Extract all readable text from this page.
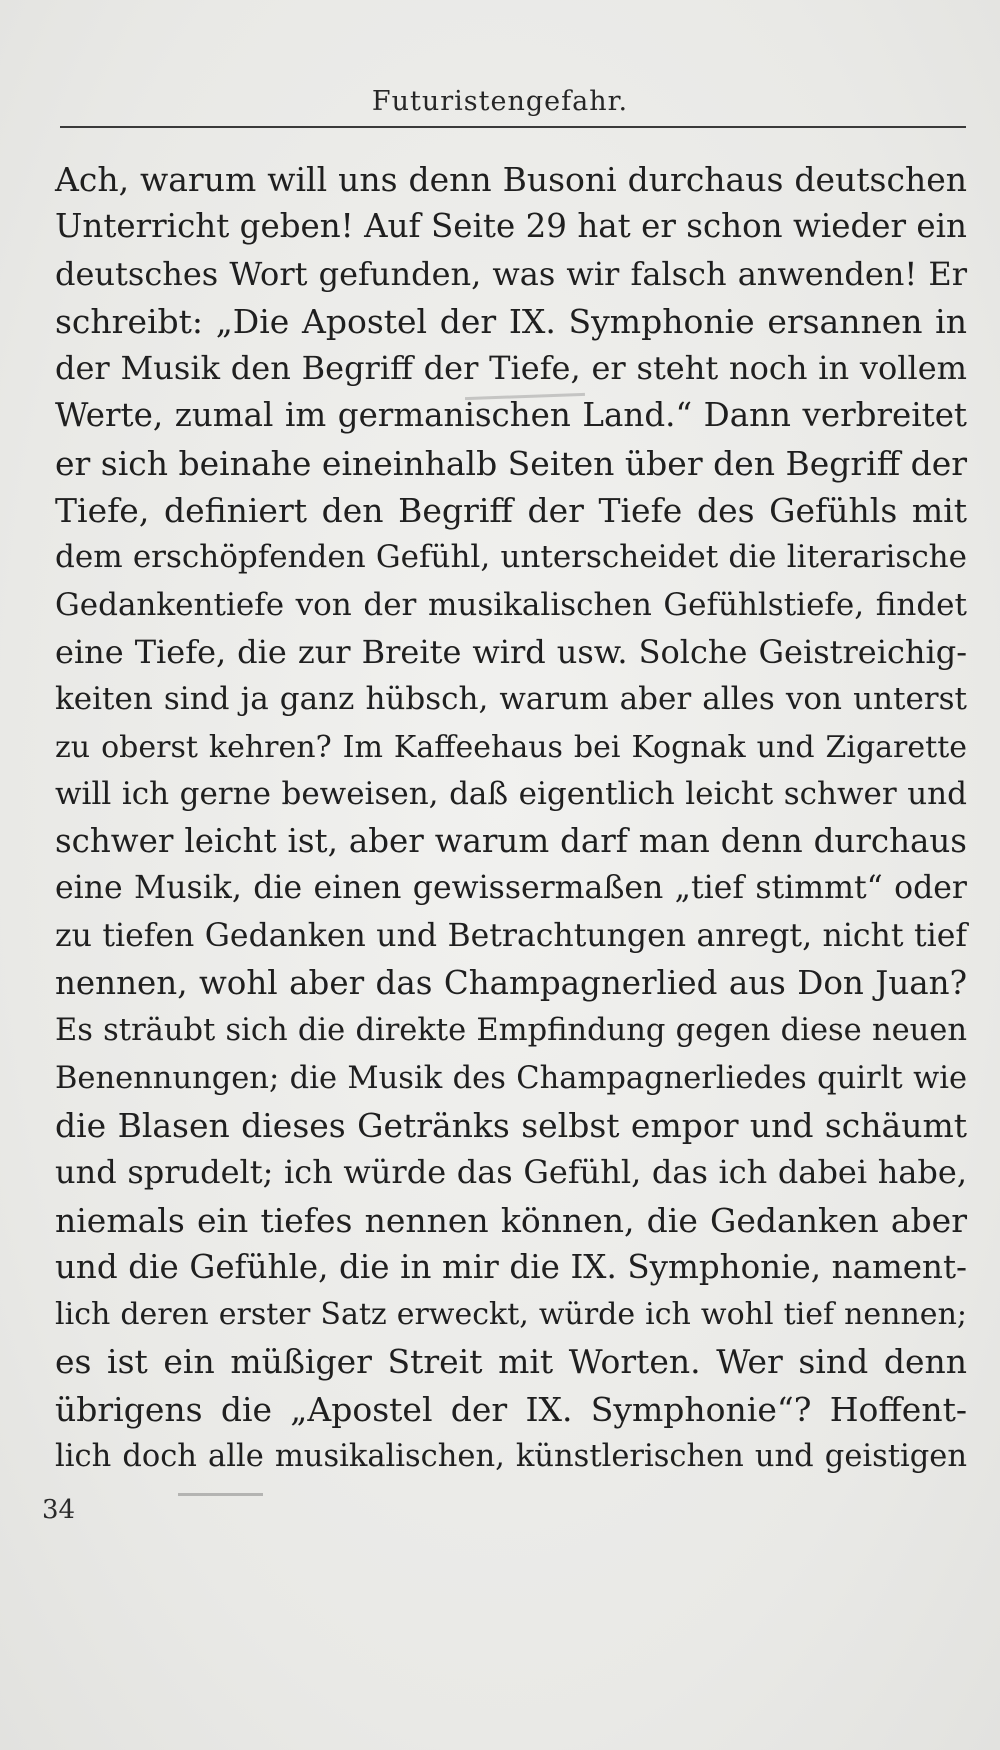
Futuristengefahr.
Ach, warum will uns denn Busoni durchaus deutschen
Unterricht geben! Auf Seite 29 hat er schon wieder ein
deutsches Wort gefunden, was wir falsch anwenden! Er
schreibt: „Die Apostel der IX. Symphonie ersannen in
der Musik den Begriff der Tiefe, er steht noch in vollem
Werte, zumal im germanischen Land.“ Dann verbreitet
er sich beinahe eineinhalb Seiten über den Begriff der
Tiefe, definiert den Begriff der Tiefe des Gefühls mit
dem erschöpfenden Gefühl, unterscheidet die literarische
Gedankentiefe von der musikalischen Gefühlstiefe, findet
eine Tiefe, die zur Breite wird usw. Solche Geistreichig-
keiten sind ja ganz hübsch, warum aber alles von unterst
zu oberst kehren? Im Kaffeehaus bei Kognak und Zigarette
will ich gerne beweisen, daß eigentlich leicht schwer und
schwer leicht ist, aber warum darf man denn durchaus
eine Musik, die einen gewissermaßen „tief stimmt“ oder
zu tiefen Gedanken und Betrachtungen anregt, nicht tief
nennen, wohl aber das Champagnerlied aus Don Juan?
Es sträubt sich die direkte Empfindung gegen diese neuen
Benennungen; die Musik des Champagnerliedes quirlt wie
die Blasen dieses Getränks selbst empor und schäumt
und sprudelt; ich würde das Gefühl, das ich dabei habe,
niemals ein tiefes nennen können, die Gedanken aber
und die Gefühle, die in mir die IX. Symphonie, nament-
lich deren erster Satz erweckt, würde ich wohl tief nennen;
es ist ein müßiger Streit mit Worten. Wer sind denn
übrigens die „Apostel der IX. Symphonie“? Hoffent-
lich doch alle musikalischen, künstlerischen und geistigen
34
